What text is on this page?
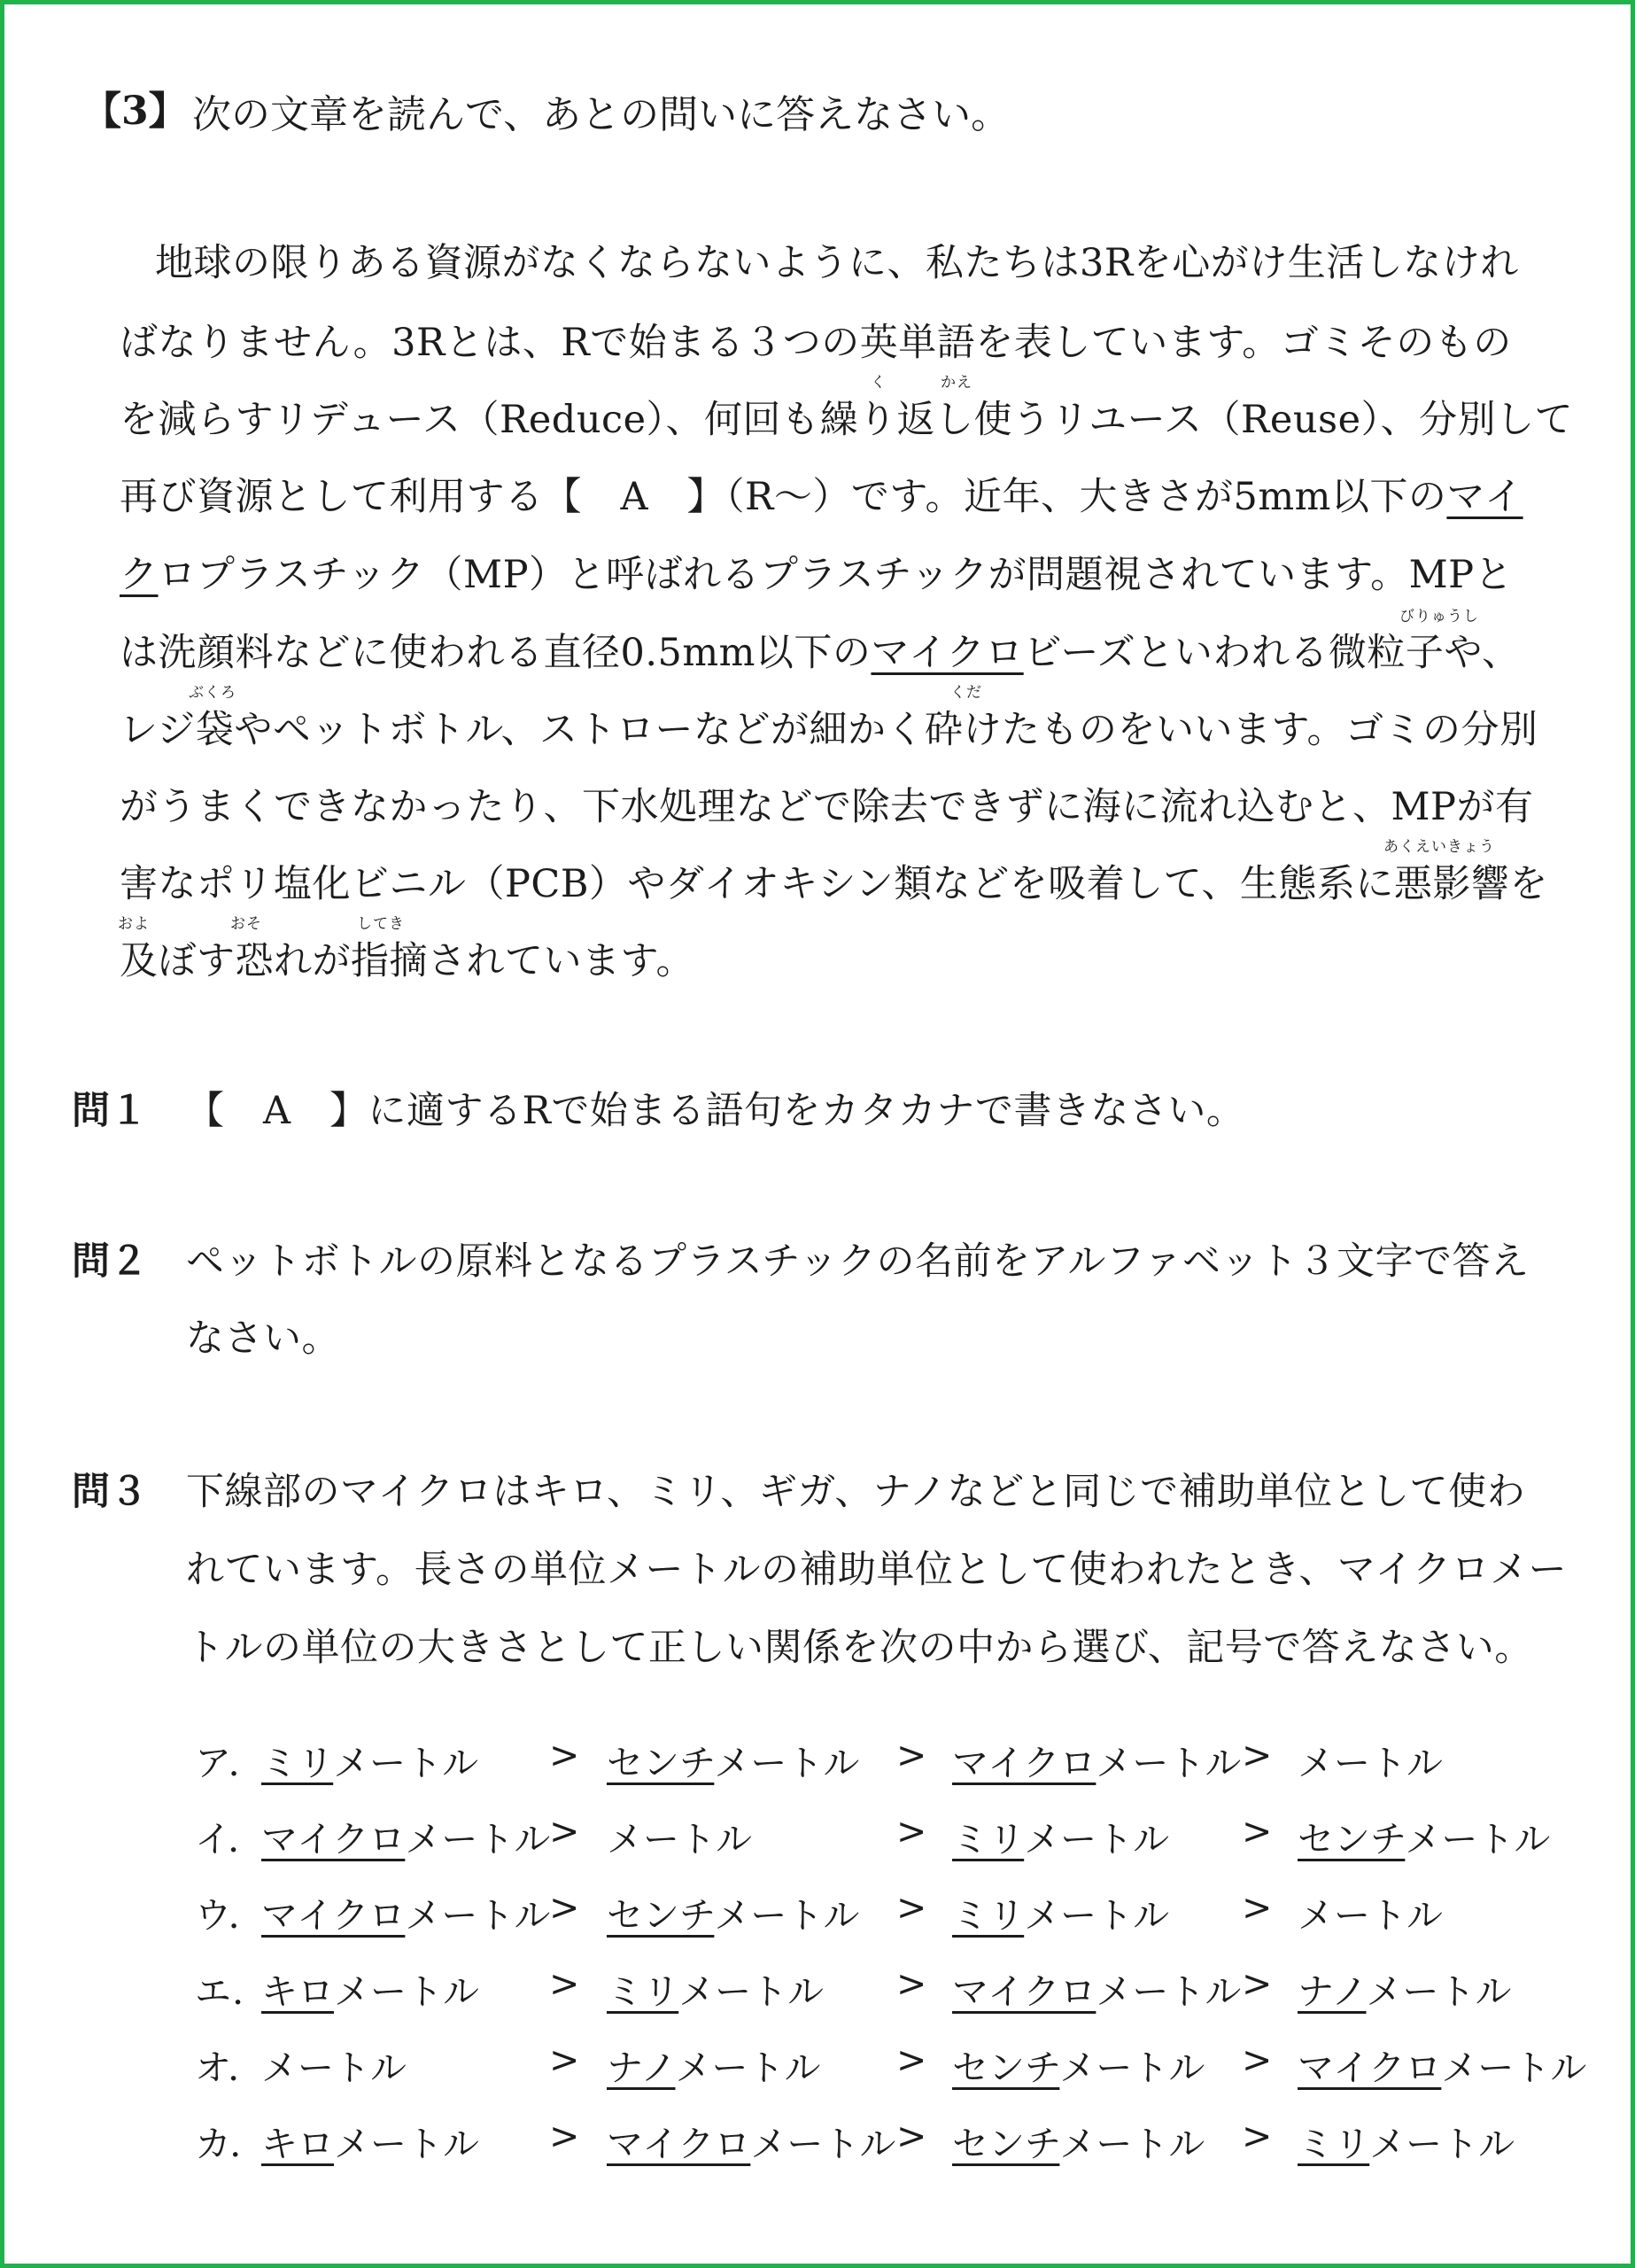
【3】 次の文章を読んで、あとの問いに答えなさい。
地球の限りある資源がなくならないように、私たちは3Rを心がけ生活しなけれ
ばなりません。3Rとは、Rで始まる３つの英単語を表しています。ゴミそのもの
く	かえ
を減らすリデュース（Reduce）、何回も繰り返し使うリユース（Reuse）、分別して
再び資源として利用する【　A　】（R～）です。近年、大きさが5mm以下のマイ
クロプラスチック（MP）と呼ばれるプラスチックが問題視されています。MPと
びりゅうし
は洗顔料などに使われる直径0.5mm以下のマイクロビーズといわれる微粒子や、
ぶくろ	くだ
レジ袋やペットボトル、ストローなどが細かく砕けたものをいいます。ゴミの分別
がうまくできなかったり、下水処理などで除去できずに海に流れ込むと、MPが有
あくえいきょう
害なポリ塩化ビニル（PCB）やダイオキシン類などを吸着して、生態系に悪影響を
およ	おそ	してき
及ぼす恐れが指摘されています。
問１ 【　A　】に適するRで始まる語句をカタカナで書きなさい。
問２ ペットボトルの原料となるプラスチックの名前をアルファベット３文字で答え
なさい。
問３ 下線部のマイクロはキロ、ミリ、ギガ、ナノなどと同じで補助単位として使わ
れています。長さの単位メートルの補助単位として使われたとき、マイクロメー
トルの単位の大きさとして正しい関係を次の中から選び、記号で答えなさい。
ア．
ミリメートル > センチメートル > マイクロメートル > メートル
イ．
マイクロメートル
> メートル	> ミリメートル > センチメートル
ウ．
マイクロメートル
> センチメートル > ミリメートル > メートル
エ．
キロメートル > ミリメートル > マイクロメートル > ナノメートル
オ．
メートル	> ナノメートル > センチメートル > マイクロメートル
カ．
キロメートル > マイクロメートル > センチメートル > ミリメートル
